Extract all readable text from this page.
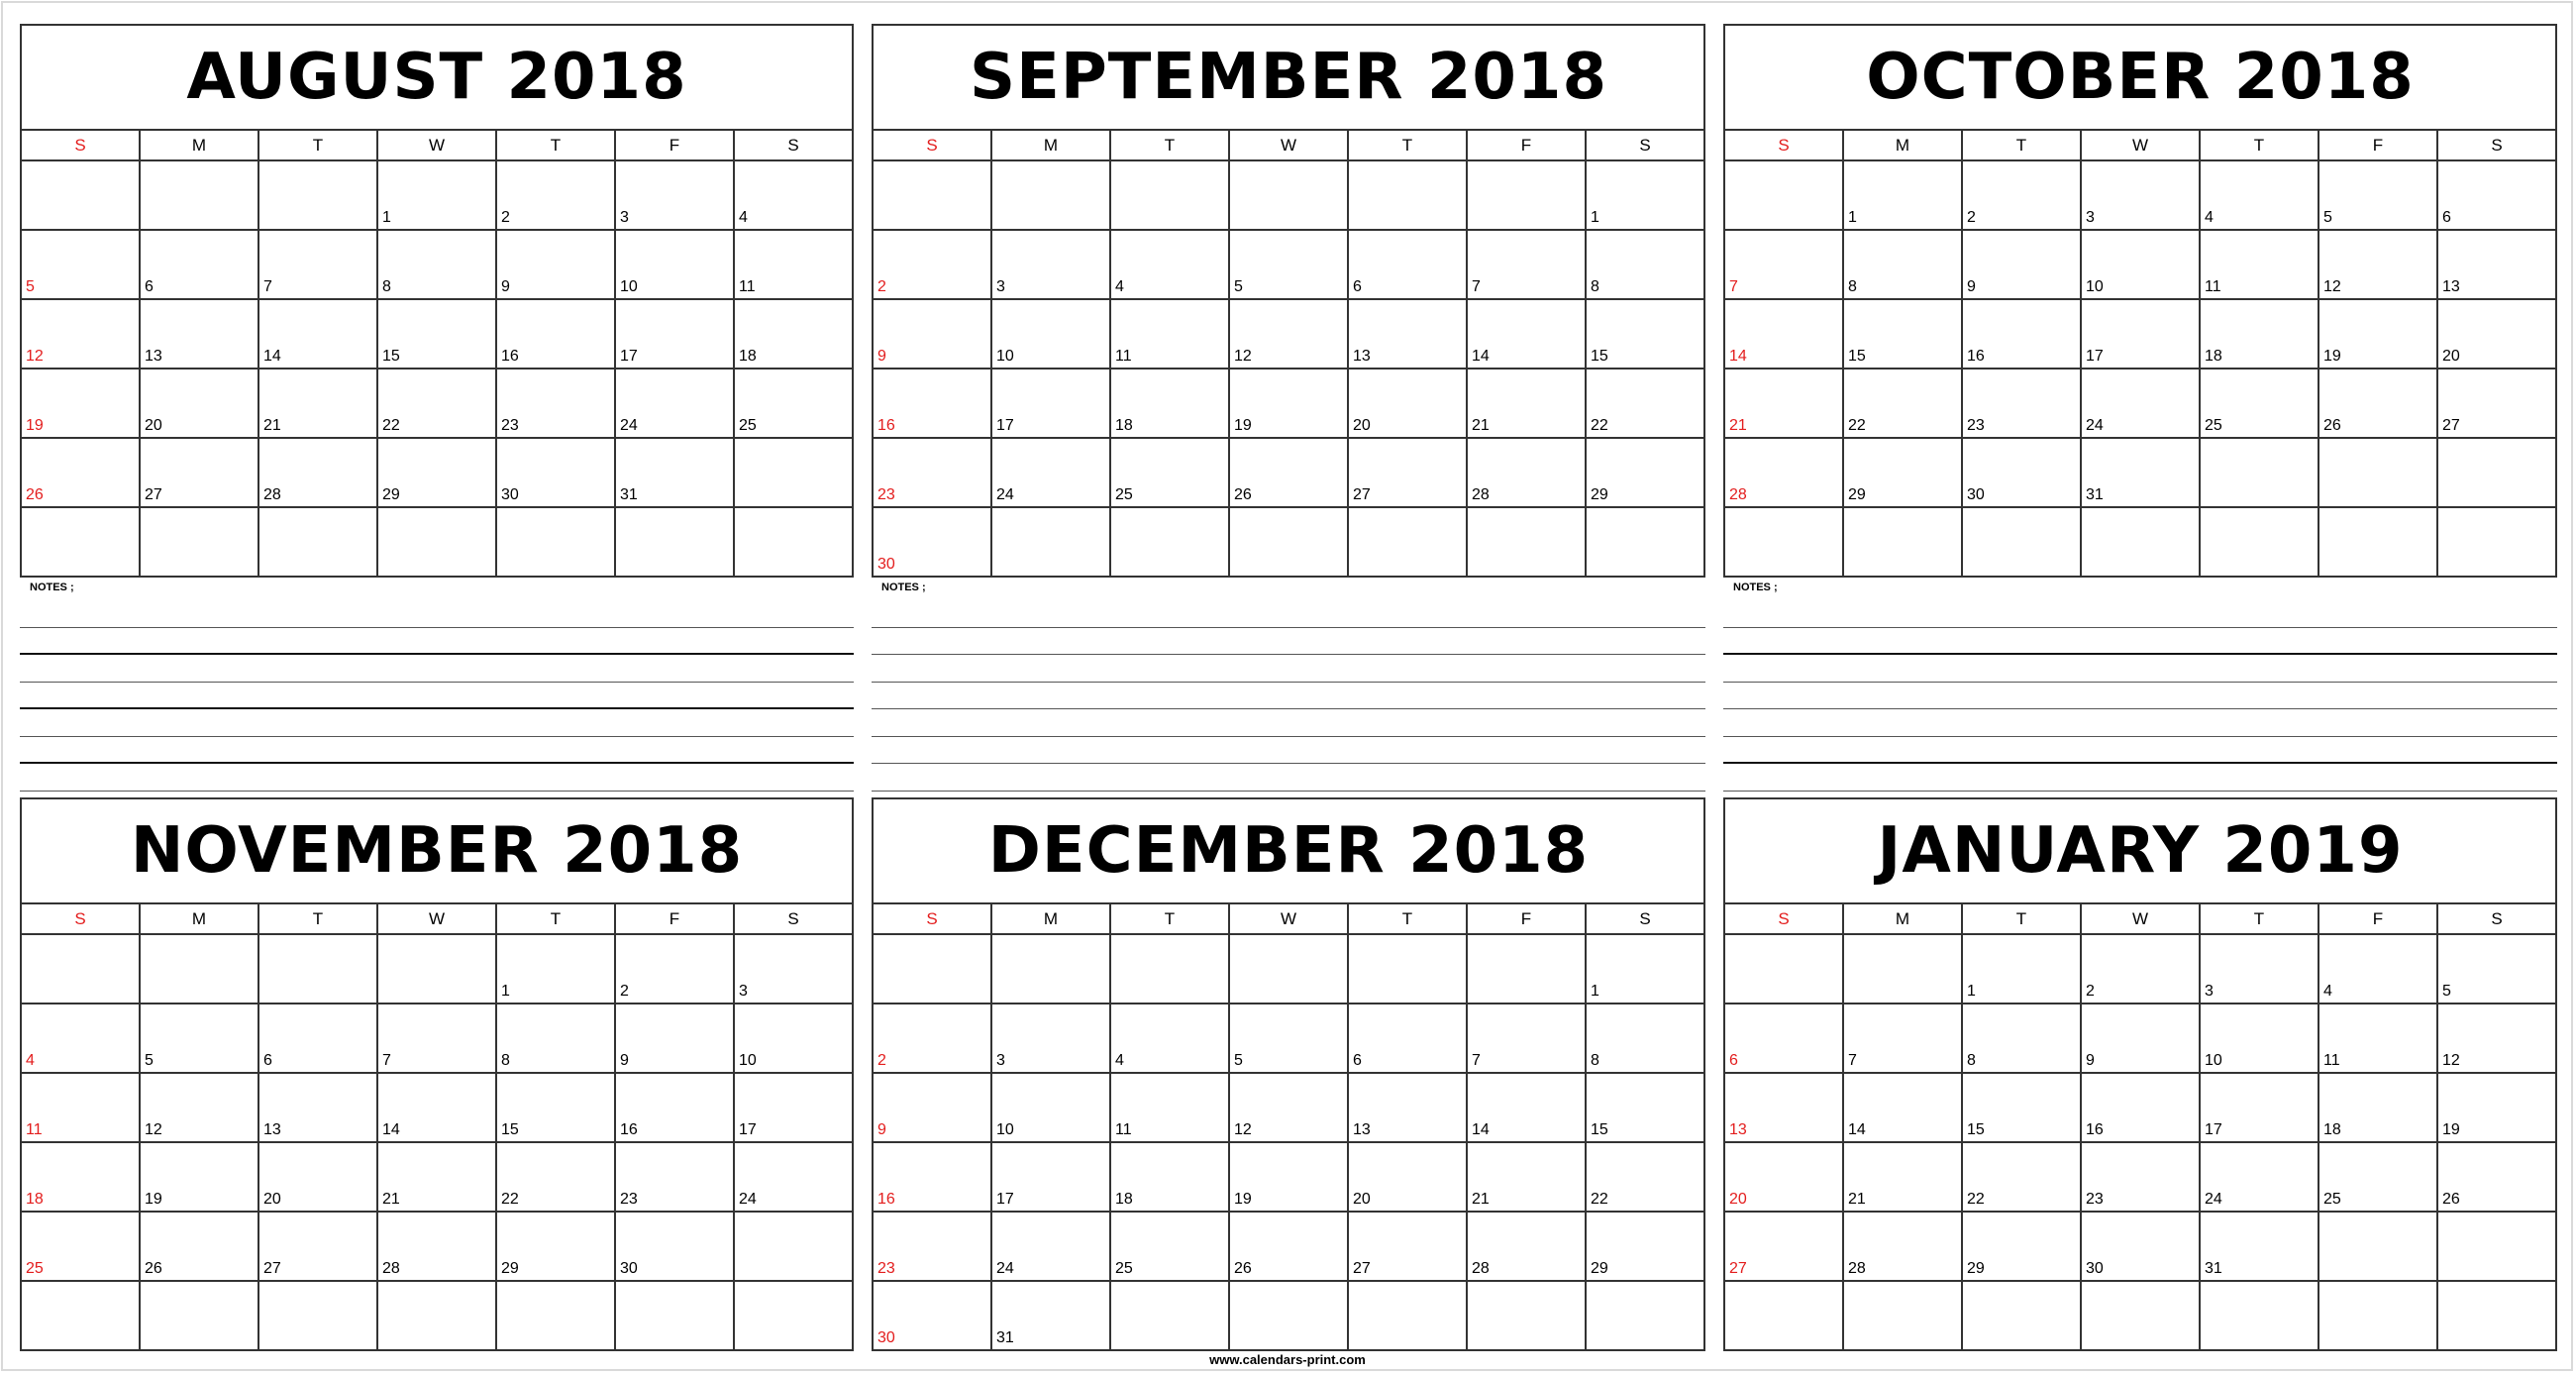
AUGUST 2018
S	M	T	W	T	F	S
			1	2	3	4
5	6	7	8	9	10	11
12	13	14	15	16	17	18
19	20	21	22	23	24	25
26	27	28	29	30	31	

SEPTEMBER 2018
S	M	T	W	T	F	S
						1
2	3	4	5	6	7	8
9	10	11	12	13	14	15
16	17	18	19	20	21	22
23	24	25	26	27	28	29
30						
OCTOBER 2018
S	M	T	W	T	F	S
	1	2	3	4	5	6
7	8	9	10	11	12	13
14	15	16	17	18	19	20
21	22	23	24	25	26	27
28	29	30	31			

NOVEMBER 2018
S	M	T	W	T	F	S
				1	2	3
4	5	6	7	8	9	10
11	12	13	14	15	16	17
18	19	20	21	22	23	24
25	26	27	28	29	30	

DECEMBER 2018
S	M	T	W	T	F	S
						1
2	3	4	5	6	7	8
9	10	11	12	13	14	15
16	17	18	19	20	21	22
23	24	25	26	27	28	29
30	31					
JANUARY 2019
S	M	T	W	T	F	S
		1	2	3	4	5
6	7	8	9	10	11	12
13	14	15	16	17	18	19
20	21	22	23	24	25	26
27	28	29	30	31		

NOTES ;	NOTES ;	NOTES ;
www.calendars-print.com
